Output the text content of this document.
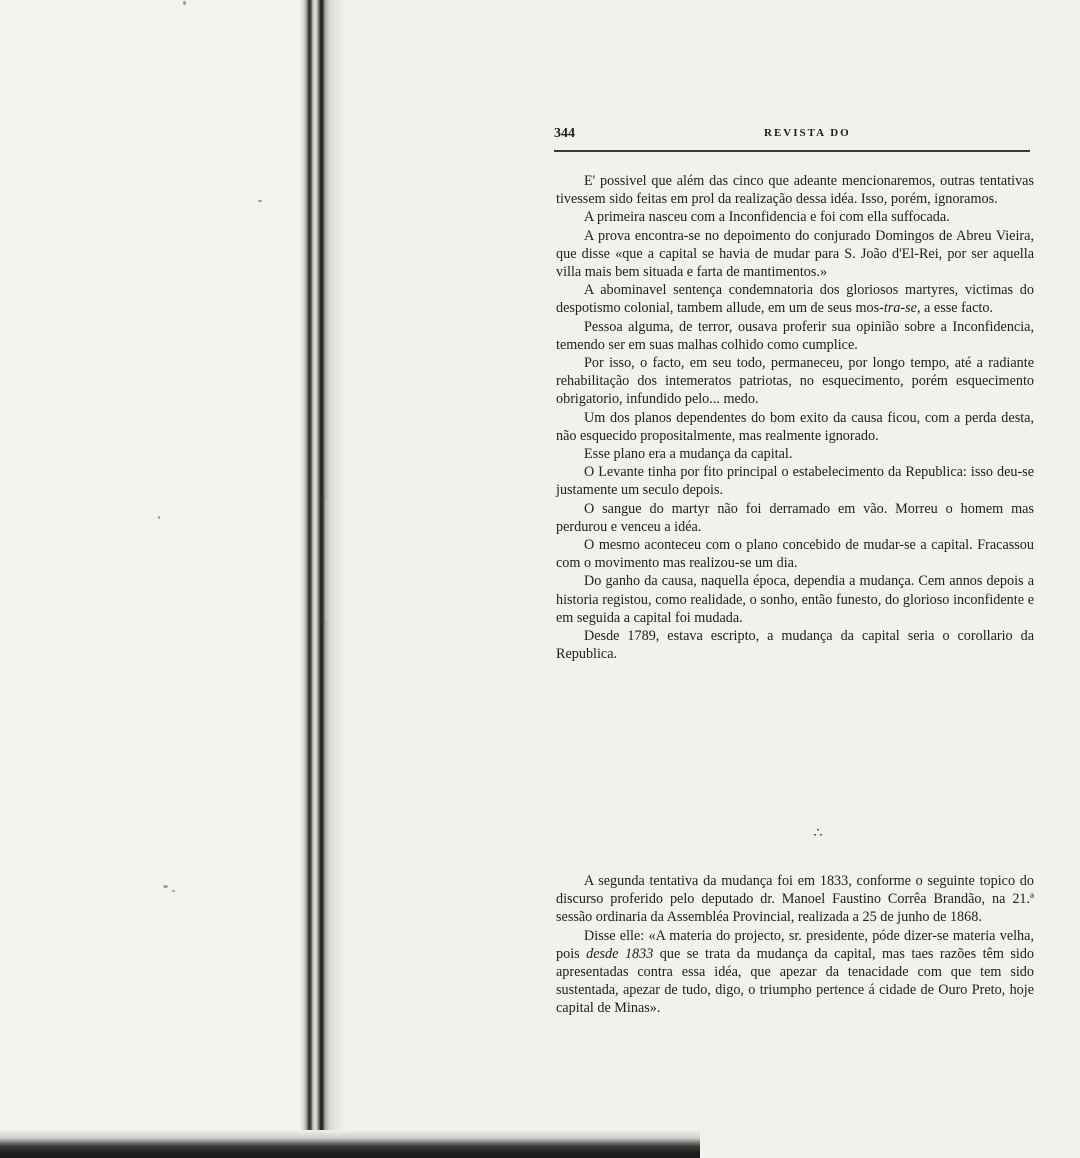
344	REVISTA DO

E' possivel que além das cinco que adeante mencionaremos, outras tentativas tivessem sido feitas em prol da realização dessa idéa. Isso, porém, ignoramos.

A primeira nasceu com a Inconfidencia e foi com ella suffocada.

A prova encontra-se no depoimento do conjurado Domingos de Abreu Vieira, que disse «que a capital se havia de mudar para S. João d'El-Rei, por ser aquella villa mais bem situada e farta de mantimentos.»

A abominavel sentença condemnatoria dos gloriosos martyres, victimas do despotismo colonial, tambem allude, em um de seus mos-tra-se, a esse facto.

Pessoa alguma, de terror, ousava proferir sua opinião sobre a Inconfidencia, temendo ser em suas malhas colhido como cumplice.

Por isso, o facto, em seu todo, permaneceu, por longo tempo, até a radiante rehabilitação dos intemeratos patriotas, no esquecimento, porém esquecimento obrigatorio, infundido pelo... medo.

Um dos planos dependentes do bom exito da causa ficou, com a perda desta, não esquecido propositalmente, mas realmente ignorado.

Esse plano era a mudança da capital.

O Levante tinha por fito principal o estabelecimento da Republica: isso deu-se justamente um seculo depois.

O sangue do martyr não foi derramado em vão. Morreu o homem mas perdurou e venceu a idéa.

O mesmo aconteceu com o plano concebido de mudar-se a capital. Fracassou com o movimento mas realizou-se um dia.

Do ganho da causa, naquella época, dependia a mudança. Cem annos depois a historia registou, como realidade, o sonho, então funesto, do glorioso inconfidente e em seguida a capital foi mudada.

Desde 1789, estava escripto, a mudança da capital seria o corollario da Republica.

∴

A segunda tentativa da mudança foi em 1833, conforme o seguinte topico do discurso proferido pelo deputado dr. Manoel Faustino Corrêa Brandão, na 21.ª sessão ordinaria da Assembléa Provincial, realizada a 25 de junho de 1868.

Disse elle: «A materia do projecto, sr. presidente, póde dizer-se materia velha, pois desde 1833 que se trata da mudança da capital, mas taes razões têm sido apresentadas contra essa idéa, que apezar da tenacidade com que tem sido sustentada, apezar de tudo, digo, o triumpho pertence á cidade de Ouro Preto, hoje capital de Minas».
